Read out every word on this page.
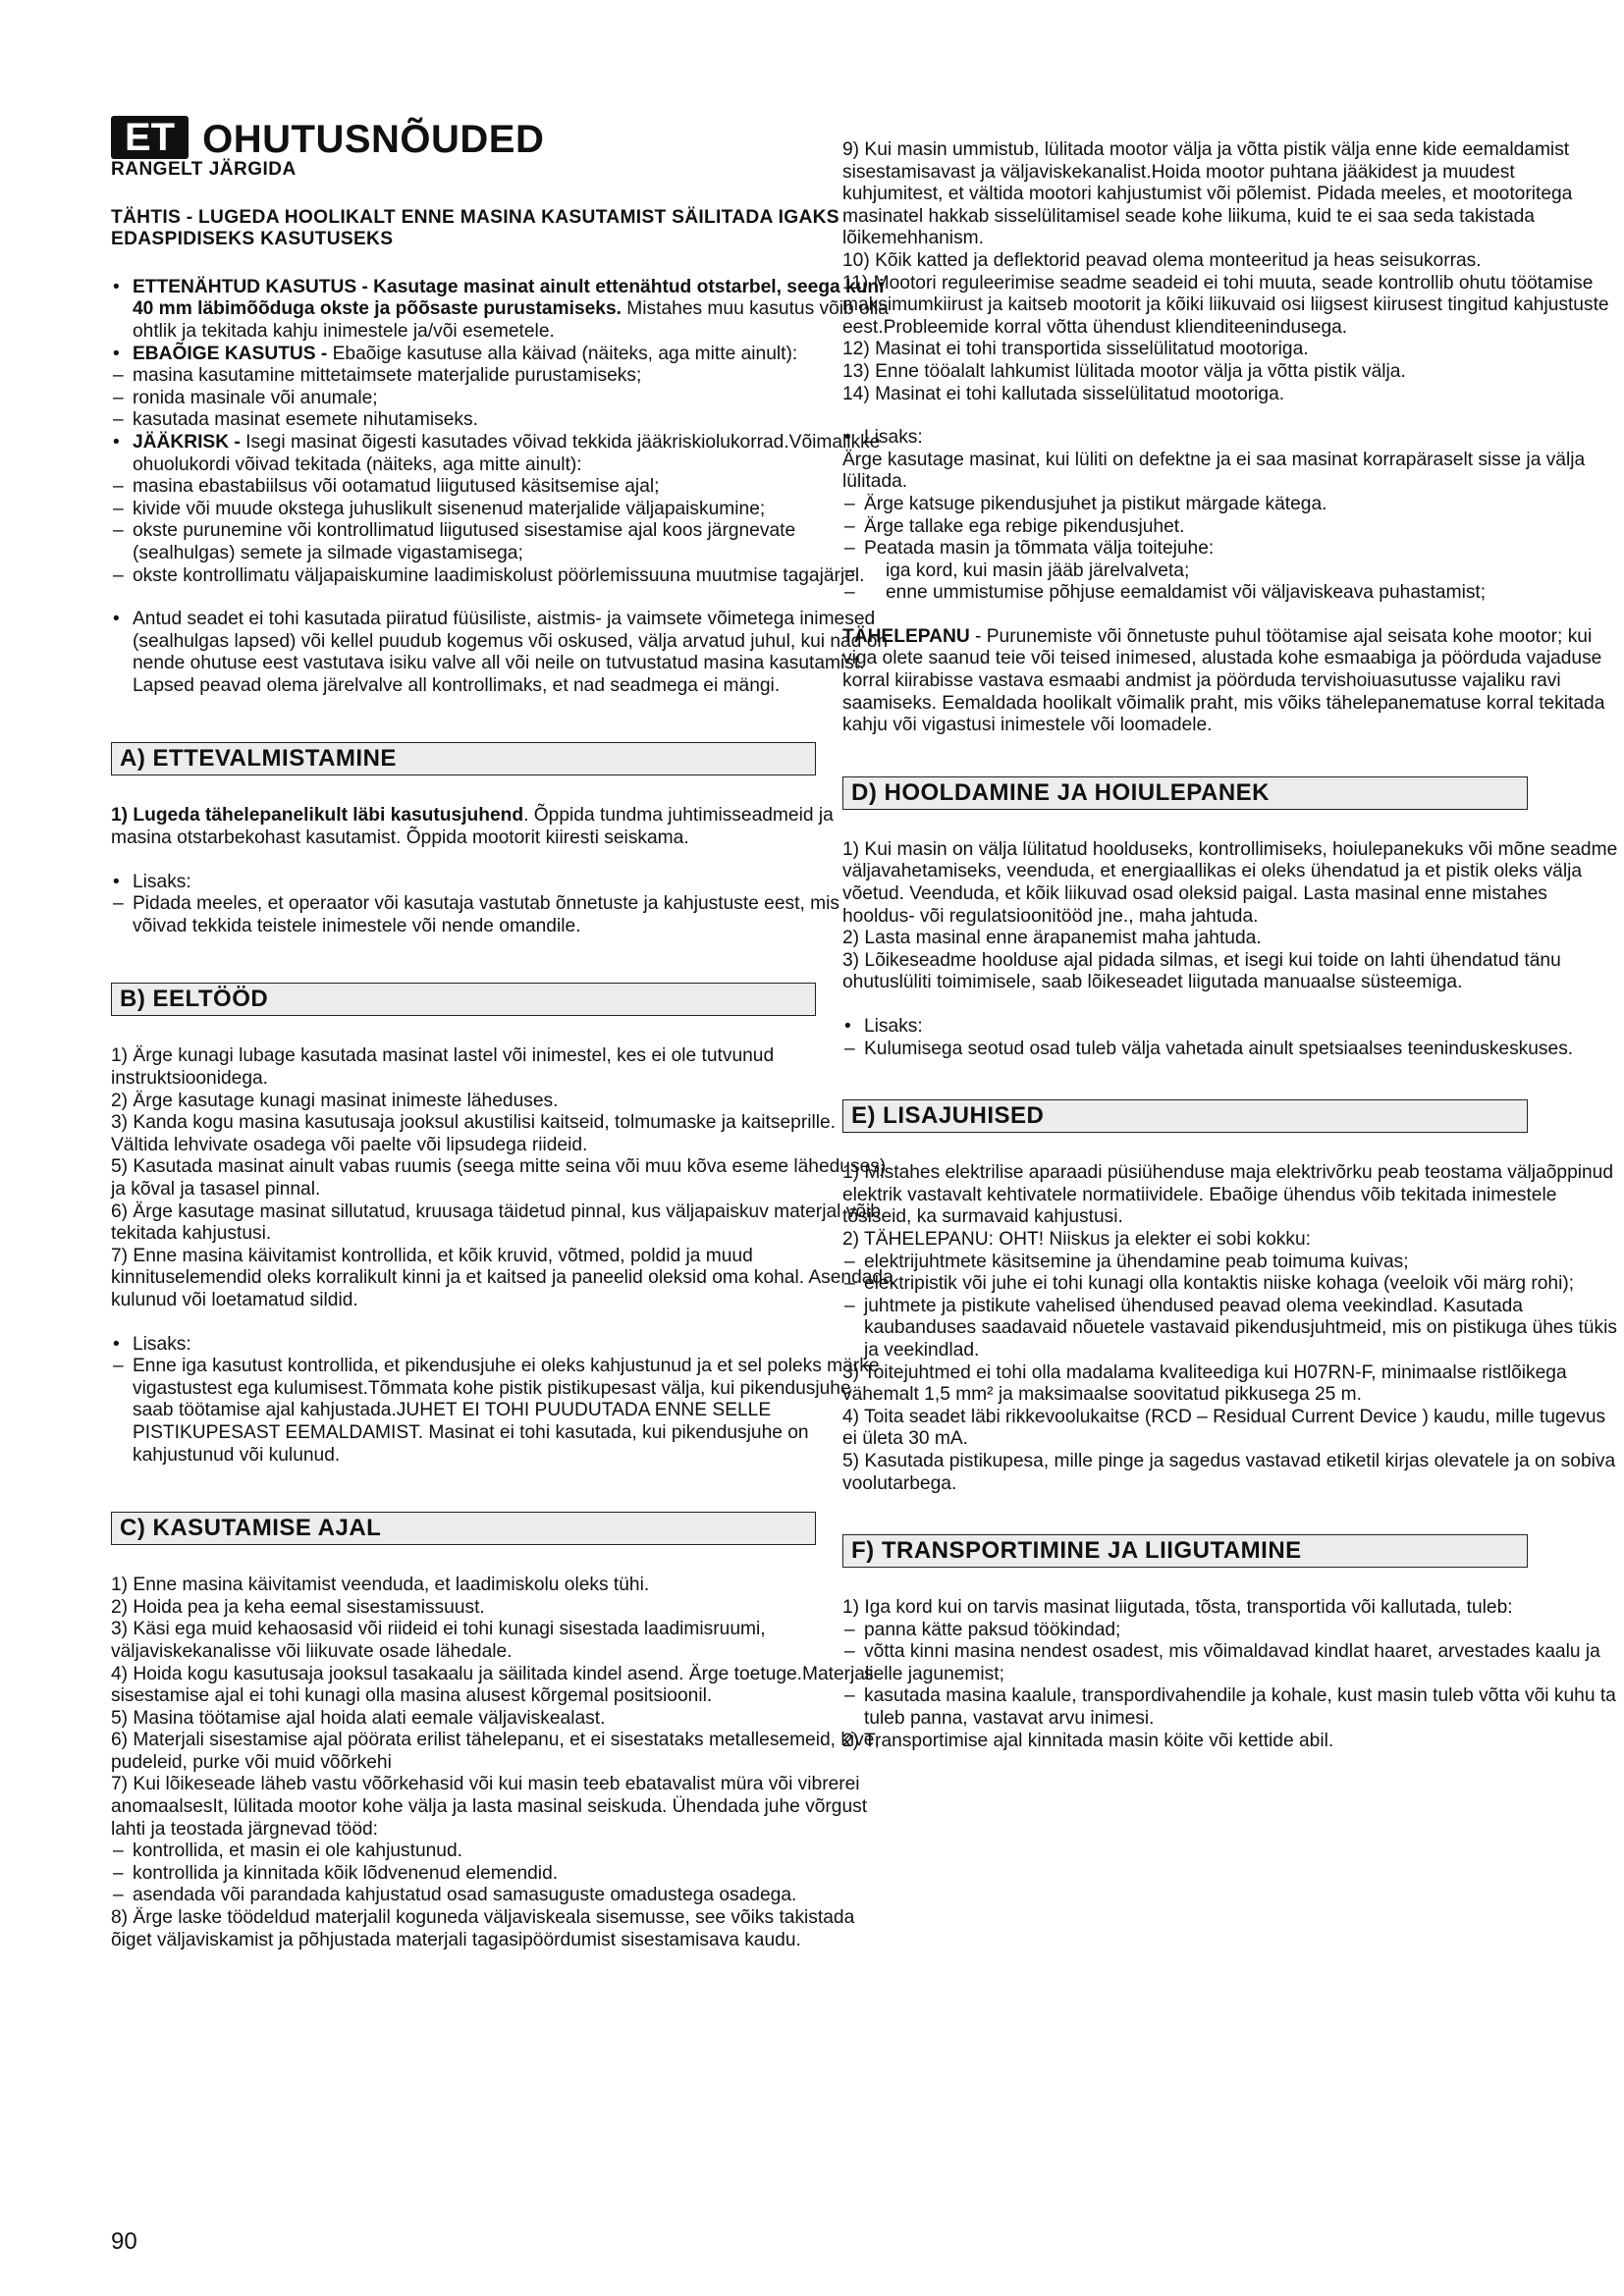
ET OHUTUSNÕUDED
RANGELT JÄRGIDA
TÄHTIS - LUGEDA HOOLIKALT ENNE MASINA KASUTAMIST SÄILITADA IGAKS EDASPIDISEKS KASUTUSEKS
• ETTENÄHTUD KASUTUS - Kasutage masinat ainult ettenähtud otstarbel, seega kuni 40 mm läbimõõduga okste ja põõsaste purustamiseks. Mistahes muu kasutus võib olla ohtlik ja tekitada kahju inimestele ja/või esemetele.
• EBAÕIGE KASUTUS - Ebaõige kasutuse alla käivad (näiteks, aga mitte ainult):
– masina kasutamine mittetaimsete materjalide purustamiseks;
– ronida masinale või anumale;
– kasutada masinat esemete nihutamiseks.
• JÄÄKRISK - Isegi masinat õigesti kasutades võivad tekkida jääkriskiolukorrad.Võimalikke ohuolukordi võivad tekitada (näiteks, aga mitte ainult):
– masina ebastabiilsus või ootamatud liigutused käsitsemise ajal;
– kivide või muude okstega juhuslikult sisenenud materjalide väljapaiskumine;
– okste purunemine või kontrollimatud liigutused sisestamise ajal koos järgnevate (sealhulgas) semete ja silmade vigastamisega;
– okste kontrollimatu väljapaiskumine laadimiskolust pöörlemissuuna muutmise tagajärjel.
• Antud seadet ei tohi kasutada piiratud füüsiliste, aistmis- ja vaimsete võimetega inimesed (sealhulgas lapsed) või kellel puudub kogemus või oskused, välja arvatud juhul, kui nad on nende ohutuse eest vastutava isiku valve all või neile on tutvustatud masina kasutamist. Lapsed peavad olema järelvalve all kontrollimaks, et nad seadmega ei mängi.
A) ETTEVALMISTAMINE
1) Lugeda tähelepanelikult läbi kasutusjuhend. Õppida tundma juhtimisseadmeid ja masina otstarbekohast kasutamist. Õppida mootorit kiiresti seiskama.
• Lisaks:
– Pidada meeles, et operaator või kasutaja vastutab õnnetuste ja kahjustuste eest, mis võivad tekkida teistele inimestele või nende omandile.
B) EELTÖÖD
1) Ärge kunagi lubage kasutada masinat lastel või inimestel, kes ei ole tutvunud instruktsioonidega.
2) Ärge kasutage kunagi masinat inimeste läheduses.
3) Kanda kogu masina kasutusaja jooksul akustilisi kaitseid, tolmumaske ja kaitseprille.
Vältida lehvivate osadega või paelte või lipsudega riideid.
5) Kasutada masinat ainult vabas ruumis (seega mitte seina või muu kõva eseme läheduses) ja kõval ja tasasel pinnal.
6) Ärge kasutage masinat sillutatud, kruusaga täidetud pinnal, kus väljapaiskuv materjal võib tekitada kahjustusi.
7) Enne masina käivitamist kontrollida, et kõik kruvid, võtmed, poldid ja muud kinnituselemendid oleks korralikult kinni ja et kaitsed ja paneelid oleksid oma kohal. Asendada kulunud või loetamatud sildid.
• Lisaks:
– Enne iga kasutust kontrollida, et pikendusjuhe ei oleks kahjustunud ja et sel poleks märke vigastustest ega kulumisest.Tõmmata kohe pistik pistikupesast välja, kui pikendusjuhe saab töötamise ajal kahjustada.JUHET EI TOHI PUUDUTADA ENNE SELLE PISTIKUPESAST EEMALDAMIST. Masinat ei tohi kasutada, kui pikendusjuhe on kahjustunud või kulunud.
C) KASUTAMISE AJAL
1) Enne masina käivitamist veenduda, et laadimiskolu oleks tühi.
2) Hoida pea ja keha eemal sisestamissuust.
3) Käsi ega muid kehaosasid või riideid ei tohi kunagi sisestada laadimisruumi, väljaviskekanalisse või liikuvate osade lähedale.
4) Hoida kogu kasutusaja jooksul tasakaalu ja säilitada kindel asend. Ärge toetuge.Materjali sisestamise ajal ei tohi kunagi olla masina alusest kõrgemal positsioonil.
5) Masina töötamise ajal hoida alati eemale väljaviskealast.
6) Materjali sisestamise ajal pöörata erilist tähelepanu, et ei sisestataks metallesemeid, kive, pudeleid, purke või muid võõrkehi
7) Kui lõikeseade läheb vastu võõrkehasid või kui masin teeb ebatavalist müra või vibrerei anomaalsesIt, lülitada mootor kohe välja ja lasta masinal seiskuda. Ühendada juhe võrgust lahti ja teostada järgnevad tööd:
– kontrollida, et masin ei ole kahjustunud.
– kontrollida ja kinnitada kõik lõdvenenud elemendid.
– asendada või parandada kahjustatud osad samasuguste omadustega osadega.
8) Ärge laske töödeldud materjalil koguneda väljaviskeala sisemusse, see võiks takistada õiget väljaviskamist ja põhjustada materjali tagasipöördumist sisestamisava kaudu.
9) Kui masin ummistub, lülitada mootor välja ja võtta pistik välja enne kide eemaldamist sisestamisavast ja väljaviskekanalist.Hoida mootor puhtana jääkidest ja muudest kuhjumitest, et vältida mootori kahjustumist või põlemist. Pidada meeles, et mootoritega masinatel hakkab sisselülitamisel seade kohe liikuma, kuid te ei saa seda takistada lõikemehhanism.
10) Kõik katted ja deflektorid peavad olema monteeritud ja heas seisukorras.
11) Mootori reguleerimise seadme seadeid ei tohi muuta, seade kontrollib ohutu töötamise maksimumkiirust ja kaitseb mootorit ja kõiki liikuvaid osi liigsest kiirusest tingitud kahjustuste eest.Probleemide korral võtta ühendust klienditeenindusega.
12) Masinat ei tohi transportida sisselülitatud mootoriga.
13) Enne tööalalt lahkumist lülitada mootor välja ja võtta pistik välja.
14) Masinat ei tohi kallutada sisselülitatud mootoriga.
• Lisaks:
Ärge kasutage masinat, kui lüliti on defektne ja ei saa masinat korrapäraselt sisse ja välja lülitada.
– Ärge katsuge pikendusjuhet ja pistikut märgade kätega.
– Ärge tallake ega rebige pikendusjuhet.
– Peatada masin ja tõmmata välja toitejuhe:
– iga kord, kui masin jääb järelvalveta;
– enne ummistumise põhjuse eemaldamist või väljaviskeava puhastamist;
TÄHELEPANU - Purunemiste või õnnetuste puhul töötamise ajal seisata kohe mootor; kui viga olete saanud teie või teised inimesed, alustada kohe esmaabiga ja pöörduda vajaduse korral kiirabisse vastava esmaabi andmist ja pöörduda tervishoiuasutusse vajaliku ravi saamiseks. Eemaldada hoolikalt võimalik praht, mis võiks tähelepanematuse korral tekitada kahju või vigastusi inimestele või loomadele.
D) HOOLDAMINE JA HOIULEPANEK
1) Kui masin on välja lülitatud hoolduseks, kontrollimiseks, hoiulepanekuks või mõne seadme väljavahetamiseks, veenduda, et energiaallikas ei oleks ühendatud ja et pistik oleks välja võetud. Veenduda, et kõik liikuvad osad oleksid paigal. Lasta masinal enne mistahes hooldus- või regulatsioonitööd jne., maha jahtuda.
2) Lasta masinal enne ärapanemist maha jahtuda.
3) Lõikeseadme hoolduse ajal pidada silmas, et isegi kui toide on lahti ühendatud tänu ohutuslüliti toimimisele, saab lõikeseadet liigutada manuaalse süsteemiga.
• Lisaks:
– Kulumisega seotud osad tuleb välja vahetada ainult spetsiaalses teeninduskeskuses.
E) LISAJUHISED
1) Mistahes elektrilise aparaadi püsiühendusе maja elektrivõrku peab teostama väljaõppinud elektrik vastavalt kehtivatele normatiividele. Ebaõige ühendus võib tekitada inimestele tõsiseid, ka surmavaid kahjustusi.
2) TÄHELEPANU: OHT! Niiskus ja elekter ei sobi kokku:
– elektrijuhtmete käsitsemine ja ühendamine peab toimuma kuivas;
– elektripistik või juhe ei tohi kunagi olla kontaktis niiske kohaga (veeloik või märg rohi);
– juhtmete ja pistikute vahelised ühendused peavad olema veekindlad. Kasutada kaubanduses saadavaid nõuetele vastavaid pikendusjuhtmeid, mis on pistikuga ühes tükis ja veekindlad.
3) Toitejuhtmed ei tohi olla madalama kvaliteediga kui H07RN-F, minimaalse ristlõikega vähemalt 1,5 mm² ja maksimaalse soovitatud pikkusega 25 m.
4) Toita seadet läbi rikkevoolukaitse (RCD – Residual Current Device ) kaudu, mille tugevus ei ületa 30 mA.
5) Kasutada pistikupesa, mille pinge ja sagedus vastavad etiketil kirjas olevatele ja on sobiva voolutarbega.
F) TRANSPORTIMINE JA LIIGUTAMINE
1) Iga kord kui on tarvis masinat liigutada, tõsta, transportida või kallutada, tuleb:
– panna kätte paksud töökindad;
– võtta kinni masina nendest osadest, mis võimaldavad kindlat haaret, arvestades kaalu ja selle jagunemist;
– kasutada masina kaalule, transpordivahendile ja kohale, kust masin tuleb võtta või kuhu ta tuleb panna, vastavat arvu inimesi.
2) Transportimise ajal kinnitada masin köite või kettide abil.
90
